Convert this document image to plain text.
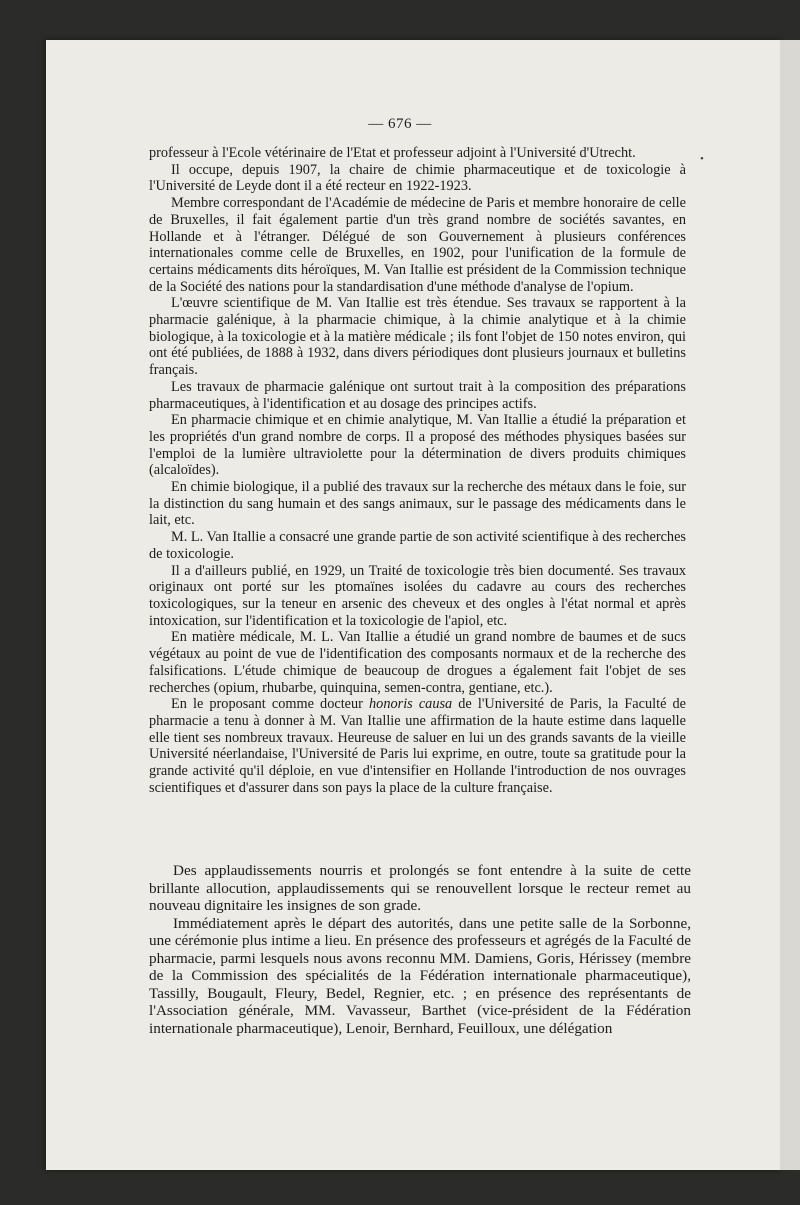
•
— 676 —

professeur à l'Ecole vétérinaire de l'Etat et professeur adjoint à l'Université d'Utrecht.

Il occupe, depuis 1907, la chaire de chimie pharmaceutique et de toxicologie à l'Université de Leyde dont il a été recteur en 1922-1923.

Membre correspondant de l'Académie de médecine de Paris et membre honoraire de celle de Bruxelles, il fait également partie d'un très grand nombre de sociétés savantes, en Hollande et à l'étranger. Délégué de son Gouvernement à plusieurs conférences internationales comme celle de Bruxelles, en 1902, pour l'unification de la formule de certains médicaments dits héroïques, M. Van Itallie est président de la Commission technique de la Société des nations pour la standardisation d'une méthode d'analyse de l'opium.

L'œuvre scientifique de M. Van Itallie est très étendue. Ses travaux se rapportent à la pharmacie galénique, à la pharmacie chimique, à la chimie analytique et à la chimie biologique, à la toxicologie et à la matière médicale ; ils font l'objet de 150 notes environ, qui ont été publiées, de 1888 à 1932, dans divers périodiques dont plusieurs journaux et bulletins français.

Les travaux de pharmacie galénique ont surtout trait à la composition des préparations pharmaceutiques, à l'identification et au dosage des principes actifs.

En pharmacie chimique et en chimie analytique, M. Van Itallie a étudié la préparation et les propriétés d'un grand nombre de corps. Il a proposé des méthodes physiques basées sur l'emploi de la lumière ultraviolette pour la détermination de divers produits chimiques (alcaloïdes).

En chimie biologique, il a publié des travaux sur la recherche des métaux dans le foie, sur la distinction du sang humain et des sangs animaux, sur le passage des médicaments dans le lait, etc.

M. L. Van Itallie a consacré une grande partie de son activité scientifique à des recherches de toxicologie.

Il a d'ailleurs publié, en 1929, un Traité de toxicologie très bien documenté. Ses travaux originaux ont porté sur les ptomaïnes isolées du cadavre au cours des recherches toxicologiques, sur la teneur en arsenic des cheveux et des ongles à l'état normal et après intoxication, sur l'identification et la toxicologie de l'apiol, etc.

En matière médicale, M. L. Van Itallie a étudié un grand nombre de baumes et de sucs végétaux au point de vue de l'identification des composants normaux et de la recherche des falsifications. L'étude chimique de beaucoup de drogues a également fait l'objet de ses recherches (opium, rhubarbe, quinquina, semen-contra, gentiane, etc.).

En le proposant comme docteur honoris causa de l'Université de Paris, la Faculté de pharmacie a tenu à donner à M. Van Itallie une affirmation de la haute estime dans laquelle elle tient ses nombreux travaux. Heureuse de saluer en lui un des grands savants de la vieille Université néerlandaise, l'Université de Paris lui exprime, en outre, toute sa gratitude pour la grande activité qu'il déploie, en vue d'intensifier en Hollande l'introduction de nos ouvrages scientifiques et d'assurer dans son pays la place de la culture française.

Des applaudissements nourris et prolongés se font entendre à la suite de cette brillante allocution, applaudissements qui se renouvellent lorsque le recteur remet au nouveau dignitaire les insignes de son grade.

Immédiatement après le départ des autorités, dans une petite salle de la Sorbonne, une cérémonie plus intime a lieu. En présence des professeurs et agrégés de la Faculté de pharmacie, parmi lesquels nous avons reconnu MM. Damiens, Goris, Hérissey (membre de la Commission des spécialités de la Fédération internationale pharmaceutique), Tassilly, Bougault, Fleury, Bedel, Regnier, etc. ; en présence des représentants de l'Association générale, MM. Vavasseur, Barthet (vice-président de la Fédération internationale pharmaceutique), Lenoir, Bernhard, Feuilloux, une délégation
